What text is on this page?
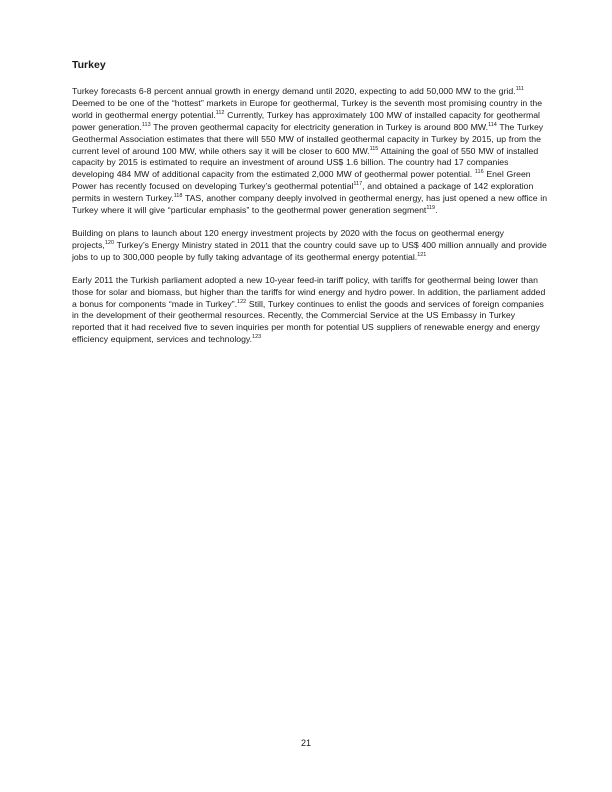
Turkey

Turkey forecasts 6-8 percent annual growth in energy demand until 2020, expecting to add 50,000 MW to the grid.$^{111}$ Deemed to be one of the “hottest” markets in Europe for geothermal, Turkey is the seventh most promising country in the world in geothermal energy potential.$^{112}$ Currently, Turkey has approximately 100 MW of installed capacity for geothermal power generation.$^{113}$ The proven geothermal capacity for electricity generation in Turkey is around 800 MW.$^{114}$ The Turkey Geothermal Association estimates that there will 550 MW of installed geothermal capacity in Turkey by 2015, up from the current level of around 100 MW, while others say it will be closer to 600 MW.$^{115}$ Attaining the goal of 550 MW of installed capacity by 2015 is estimated to require an investment of around US$ 1.6 billion. The country had 17 companies developing 484 MW of additional capacity from the estimated 2,000 MW of geothermal power potential. $^{116}$ Enel Green Power has recently focused on developing Turkey’s geothermal potential$^{117}$, and obtained a package of 142 exploration permits in western Turkey.$^{118}$ TAS, another company deeply involved in geothermal energy, has just opened a new office in Turkey where it will give “particular emphasis” to the geothermal power generation segment$^{119}$.

Building on plans to launch about 120 energy investment projects by 2020 with the focus on geothermal energy projects,$^{120}$ Turkey’s Energy Ministry stated in 2011 that the country could save up to US$ 400 million annually and provide jobs to up to 300,000 people by fully taking advantage of its geothermal energy potential.$^{121}$

Early 2011 the Turkish parliament adopted a new 10-year feed-in tariff policy, with tariffs for geothermal being lower than those for solar and biomass, but higher than the tariffs for wind energy and hydro power. In addition, the parliament added a bonus for components “made in Turkey”.$^{122}$ Still, Turkey continues to enlist the goods and services of foreign companies in the development of their geothermal resources. Recently, the Commercial Service at the US Embassy in Turkey reported that it had received five to seven inquiries per month for potential US suppliers of renewable energy and energy efficiency equipment, services and technology.$^{123}$

21
